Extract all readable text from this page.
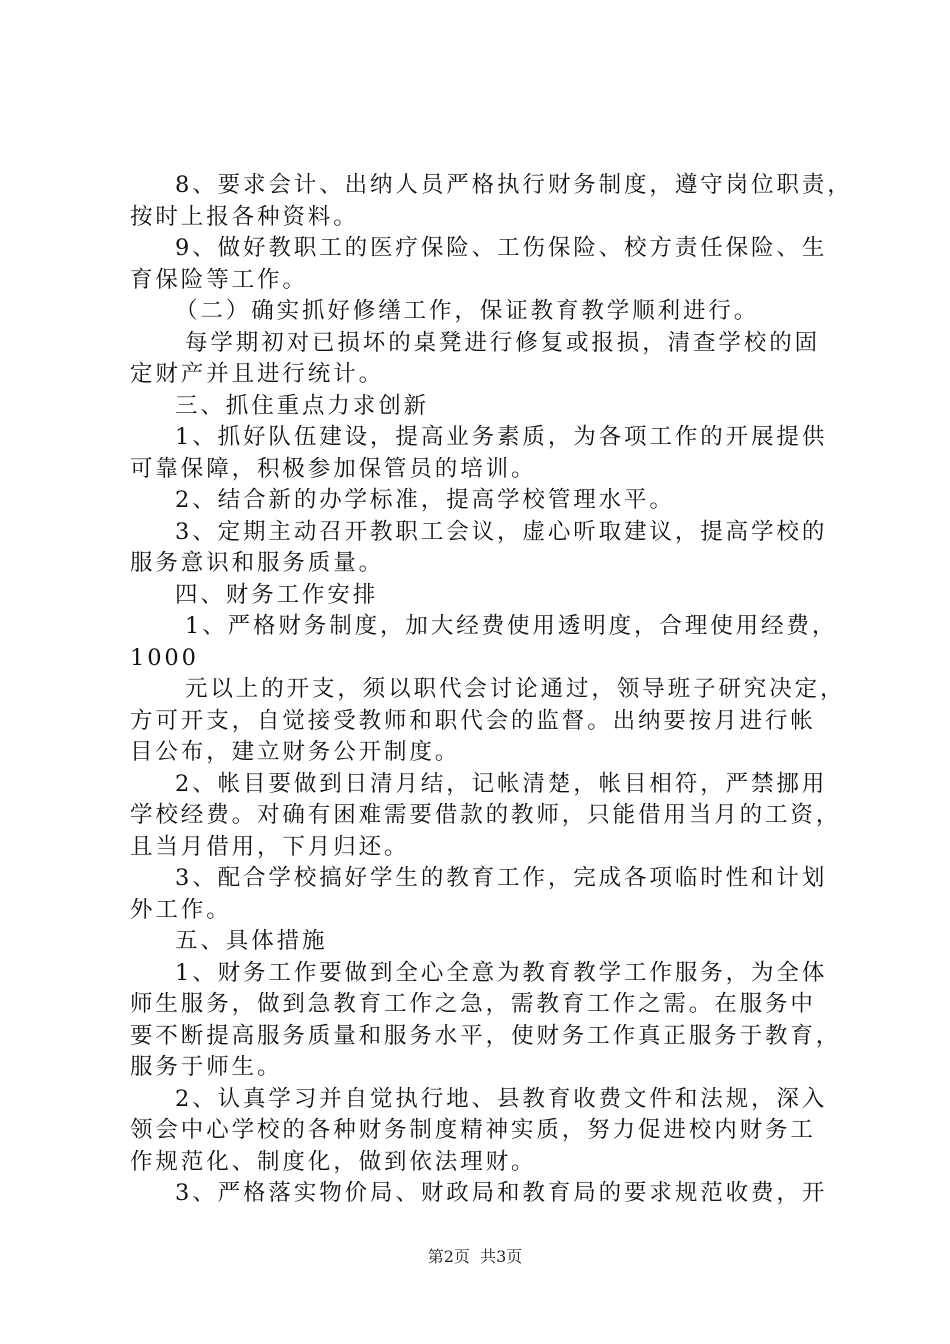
8、要求会计、出纳人员严格执行财务制度，遵守岗位职责，
按时上报各种资料。
9、做好教职工的医疗保险、工伤保险、校方责任保险、生
育保险等工作。
（二）确实抓好修缮工作，保证教育教学顺利进行。
每学期初对已损坏的桌凳进行修复或报损，清查学校的固
定财产并且进行统计。
三、抓住重点力求创新
1、抓好队伍建设，提高业务素质，为各项工作的开展提供
可靠保障，积极参加保管员的培训。
2、结合新的办学标准，提高学校管理水平。
3、定期主动召开教职工会议，虚心听取建议，提高学校的
服务意识和服务质量。
四、财务工作安排
1、严格财务制度，加大经费使用透明度，合理使用经费，
1000
元以上的开支，须以职代会讨论通过，领导班子研究决定，
方可开支，自觉接受教师和职代会的监督。出纳要按月进行帐
目公布，建立财务公开制度。
2、帐目要做到日清月结，记帐清楚，帐目相符，严禁挪用
学校经费。对确有困难需要借款的教师，只能借用当月的工资，
且当月借用，下月归还。
3、配合学校搞好学生的教育工作，完成各项临时性和计划
外工作。
五、具体措施
1、财务工作要做到全心全意为教育教学工作服务，为全体
师生服务，做到急教育工作之急，需教育工作之需。在服务中
要不断提高服务质量和服务水平，使财务工作真正服务于教育，
服务于师生。
2、认真学习并自觉执行地、县教育收费文件和法规，深入
领会中心学校的各种财务制度精神实质，努力促进校内财务工
作规范化、制度化，做到依法理财。
3、严格落实物价局、财政局和教育局的要求规范收费，开
第2页  共3页
